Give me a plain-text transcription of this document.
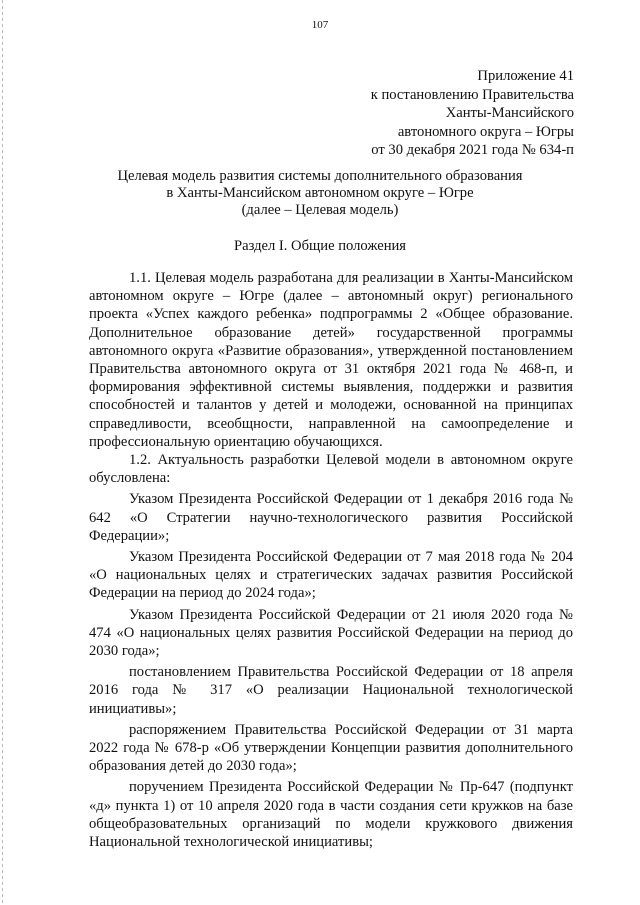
107
Приложение 41
к постановлению Правительства
Ханты-Мансийского
автономного округа – Югры
от 30 декабря 2021 года № 634-п
Целевая модель развития системы дополнительного образования
в Ханты-Мансийском автономном округе – Югре
(далее – Целевая модель)
Раздел I. Общие положения

1.1. Целевая модель разработана для реализации в Ханты-Мансийском автономном округе – Югре (далее – автономный округ) регионального проекта «Успех каждого ребенка» подпрограммы 2 «Общее образование. Дополнительное образование детей» государственной программы автономного округа «Развитие образования», утвержденной постановлением Правительства автономного округа от 31 октября 2021 года № 468-п, и формирования эффективной системы выявления, поддержки и развития способностей и талантов у детей и молодежи, основанной на принципах справедливости, всеобщности, направленной на самоопределение и профессиональную ориентацию обучающихся.

1.2. Актуальность разработки Целевой модели в автономном округе обусловлена:

Указом Президента Российской Федерации от 1 декабря 2016 года № 642 «О Стратегии научно-технологического развития Российской Федерации»;

Указом Президента Российской Федерации от 7 мая 2018 года № 204 «О национальных целях и стратегических задачах развития Российской Федерации на период до 2024 года»;

Указом Президента Российской Федерации от 21 июля 2020 года № 474 «О национальных целях развития Российской Федерации на период до 2030 года»;

постановлением Правительства Российской Федерации от 18 апреля 2016 года № 317 «О реализации Национальной технологической инициативы»;

распоряжением Правительства Российской Федерации от 31 марта 2022 года № 678-р «Об утверждении Концепции развития дополнительного образования детей до 2030 года»;

поручением Президента Российской Федерации № Пр-647 (подпункт «д» пункта 1) от 10 апреля 2020 года в части создания сети кружков на базе общеобразовательных организаций по модели кружкового движения Национальной технологической инициативы;
